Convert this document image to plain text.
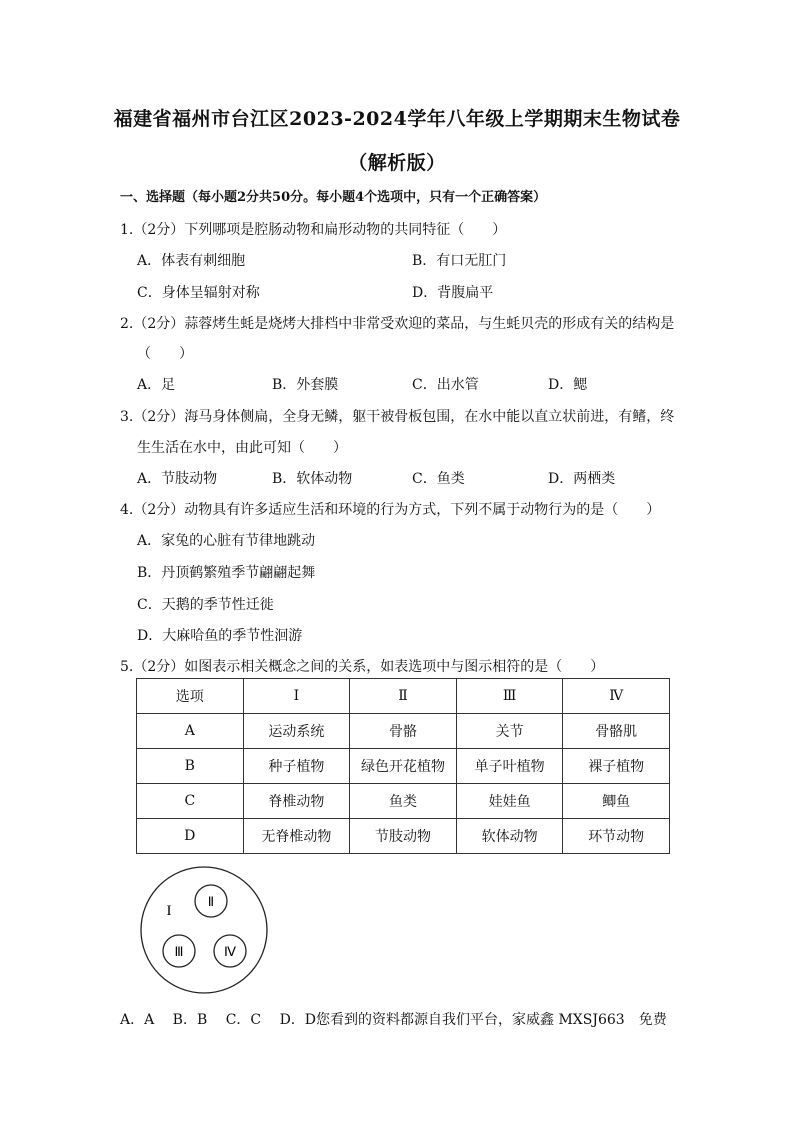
福建省福州市台江区2023-2024学年八年级上学期期末生物试卷
（解析版）
一、选择题（每小题2分共50分。每小题4个选项中，只有一个正确答案）
1.（2分）下列哪项是腔肠动物和扁形动物的共同特征（　　）
A．体表有刺细胞	B．有口无肛门
C．身体呈辐射对称	D．背腹扁平
2.（2分）蒜蓉烤生蚝是烧烤大排档中非常受欢迎的菜品，与生蚝贝壳的形成有关的结构是
（　　）
A．足	B．外套膜	C．出水管	D．鳃
3.（2分）海马身体侧扁，全身无鳞，躯干被骨板包围，在水中能以直立状前进，有鳍，终
生生活在水中，由此可知（　　）
A．节肢动物	B．软体动物	C．鱼类	D．两栖类
4.（2分）动物具有许多适应生活和环境的行为方式，下列不属于动物行为的是（　　）
A．家兔的心脏有节律地跳动
B．丹顶鹤繁殖季节翩翩起舞
C．天鹅的季节性迁徙
D．大麻哈鱼的季节性洄游
5.（2分）如图表示相关概念之间的关系，如表选项中与图示相符的是（　　）
选项	Ⅰ	Ⅱ	Ⅲ	Ⅳ
A	运动系统	骨骼	关节	骨骼肌
B	种子植物	绿色开花植物	单子叶植物	裸子植物
C	脊椎动物	鱼类	娃娃鱼	鲫鱼
D	无脊椎动物	节肢动物	软体动物	环节动物
I
Ⅱ
Ⅲ	Ⅳ
A．A　 B．B　 C．C　 D．D您看到的资料都源自我们平台，家威鑫 MXSJ663　免费
